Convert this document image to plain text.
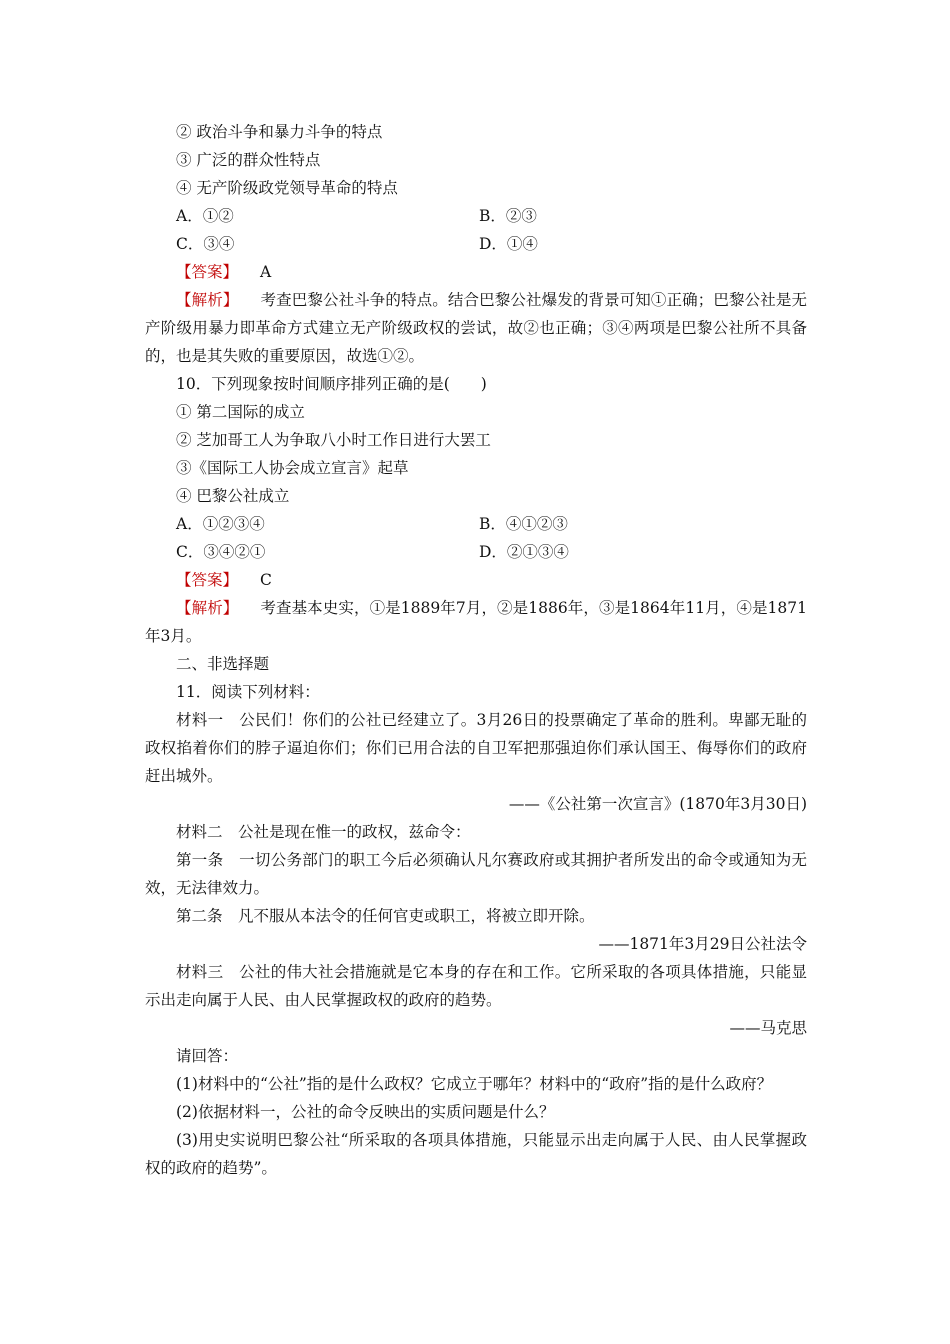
② 政治斗争和暴力斗争的特点
③ 广泛的群众性特点
④ 无产阶级政党领导革命的特点
A．①②	B．②③
C．③④	D．①④
【答案】 A
【解析】 考查巴黎公社斗争的特点。结合巴黎公社爆发的背景可知①正确；巴黎公社是无产阶级用暴力即革命方式建立无产阶级政权的尝试，故②也正确；③④两项是巴黎公社所不具备的，也是其失败的重要原因，故选①②。
10．下列现象按时间顺序排列正确的是(　　)
① 第二国际的成立
② 芝加哥工人为争取八小时工作日进行大罢工
③《国际工人协会成立宣言》起草
④ 巴黎公社成立
A．①②③④	B．④①②③
C．③④②①	D．②①③④
【答案】 C
【解析】 考查基本史实，①是1889年7月，②是1886年，③是1864年11月，④是1871年3月。
二、非选择题
11．阅读下列材料：
材料一　公民们！你们的公社已经建立了。3月26日的投票确定了革命的胜利。卑鄙无耻的政权掐着你们的脖子逼迫你们；你们已用合法的自卫军把那强迫你们承认国王、侮辱你们的政府赶出城外。
——《公社第一次宣言》(1870年3月30日)
材料二　公社是现在惟一的政权，兹命令：
第一条　一切公务部门的职工今后必须确认凡尔赛政府或其拥护者所发出的命令或通知为无效，无法律效力。
第二条　凡不服从本法令的任何官吏或职工，将被立即开除。
——1871年3月29日公社法令
材料三　公社的伟大社会措施就是它本身的存在和工作。它所采取的各项具体措施，只能显示出走向属于人民、由人民掌握政权的政府的趋势。
——马克思
请回答：
(1)材料中的“公社”指的是什么政权？它成立于哪年？材料中的“政府”指的是什么政府？
(2)依据材料一，公社的命令反映出的实质问题是什么？
(3)用史实说明巴黎公社“所采取的各项具体措施，只能显示出走向属于人民、由人民掌握政权的政府的趋势”。
